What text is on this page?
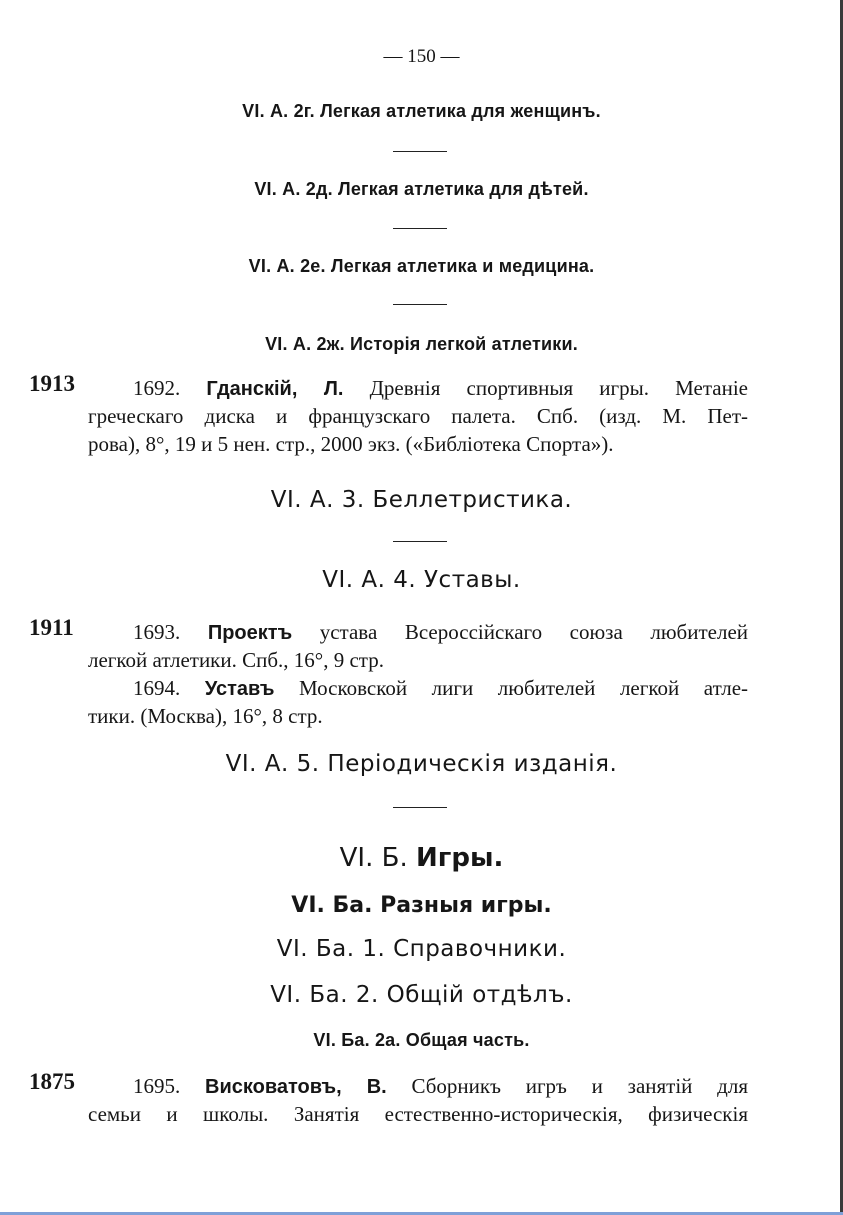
— 150 —
VI. А. 2г. Легкая атлетика для женщинъ.
VI. А. 2д. Легкая атлетика для дѣтей.
VI. А. 2е. Легкая атлетика и медицина.
VI. А. 2ж. Исторія легкой атлетики.
1913	1692. Гданскій, Л. Древнія спортивныя игры. Метаніе
греческаго диска и французскаго палета. Спб. (изд. М. Пет-
рова), 8°, 19 и 5 нен. стр., 2000 экз. («Библіотека Спорта»).
VI. А. 3. Беллетристика.
VI. А. 4. Уставы.
1911	1693. Проектъ устава Всероссійскаго союза любителей
легкой атлетики. Спб., 16°, 9 стр.
1694. Уставъ Московской лиги любителей легкой атле-
тики. (Москва), 16°, 8 стр.
VI. А. 5. Періодическія изданія.
VI. Б. Игры.
VI. Ба. Разныя игры.
VI. Ба. 1. Справочники.
VI. Ба. 2. Общій отдѣлъ.
VI. Ба. 2а. Общая часть.
1875	1695. Висковатовъ, В. Сборникъ игръ и занятій для
семьи и школы. Занятія естественно-историческія, физическія
